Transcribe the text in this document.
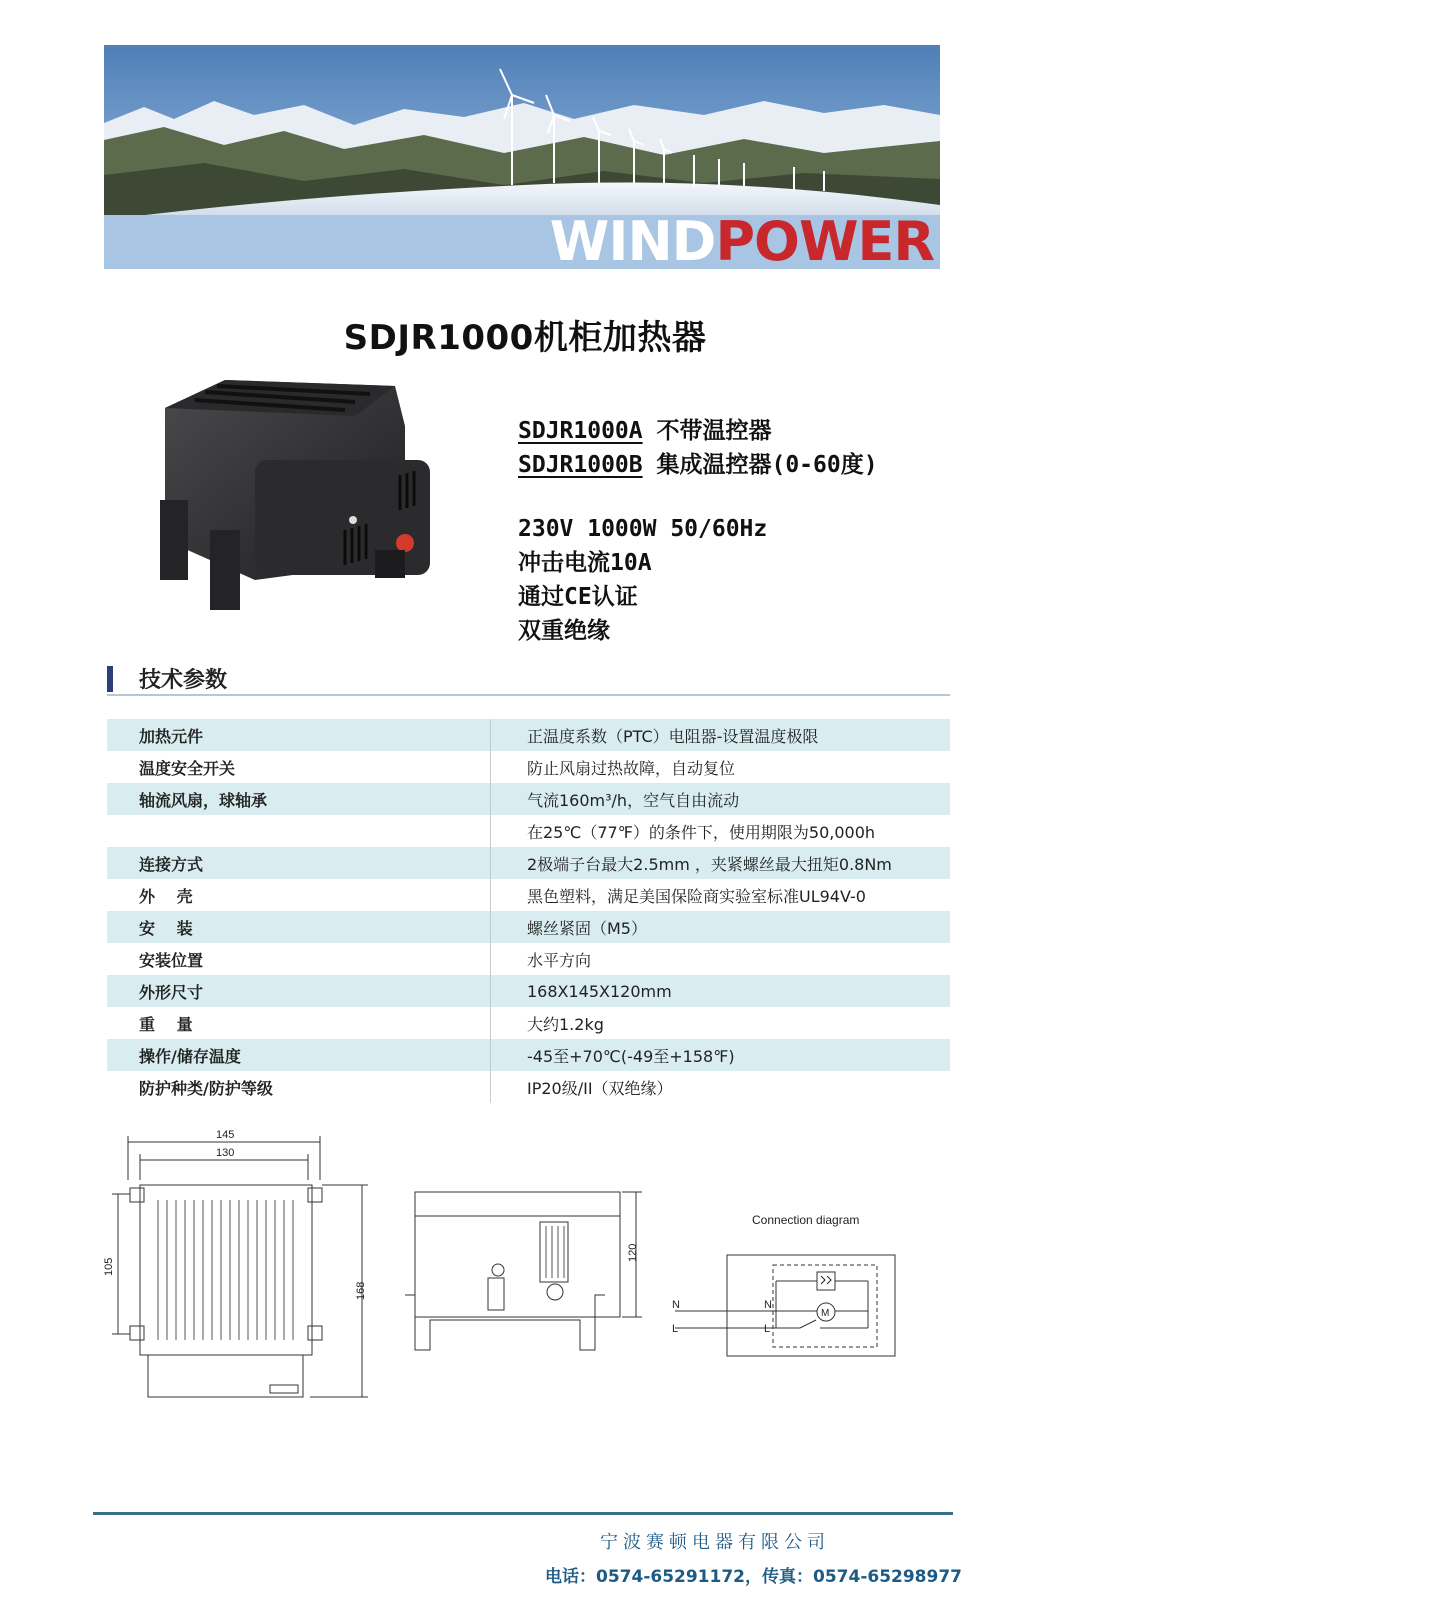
WINDPOWER
SDJR1000机柜加热器
SDJR1000A 不带温控器
SDJR1000B 集成温控器(0-60度)
230V 1000W 50/60Hz
冲击电流10A
通过CE认证
双重绝缘
技术参数
加热元件		正温度系数（PTC）电阻器-设置温度极限
温度安全开关		防止风扇过热故障，自动复位
轴流风扇，球轴承		气流160m³/h，空气自由流动
		在25℃（77℉）的条件下，使用期限为50,000h
连接方式		2极端子台最大2.5mm ，夹紧螺丝最大扭矩0.8Nm
外　 壳		黑色塑料，满足美国保险商实验室标准UL94V-0
安　 装		螺丝紧固（M5）
安装位置		水平方向
外形尺寸		168X145X120mm
重　 量		大约1.2kg
操作/储存温度		-45至+70℃(-49至+158℉)
防护种类/防护等级		IP20级/II（双绝缘）
145
130
105
168
120
Connection diagram
M
N
L
N
L
宁波赛顿电器有限公司
电话：0574-65291172，传真：0574-65298977
